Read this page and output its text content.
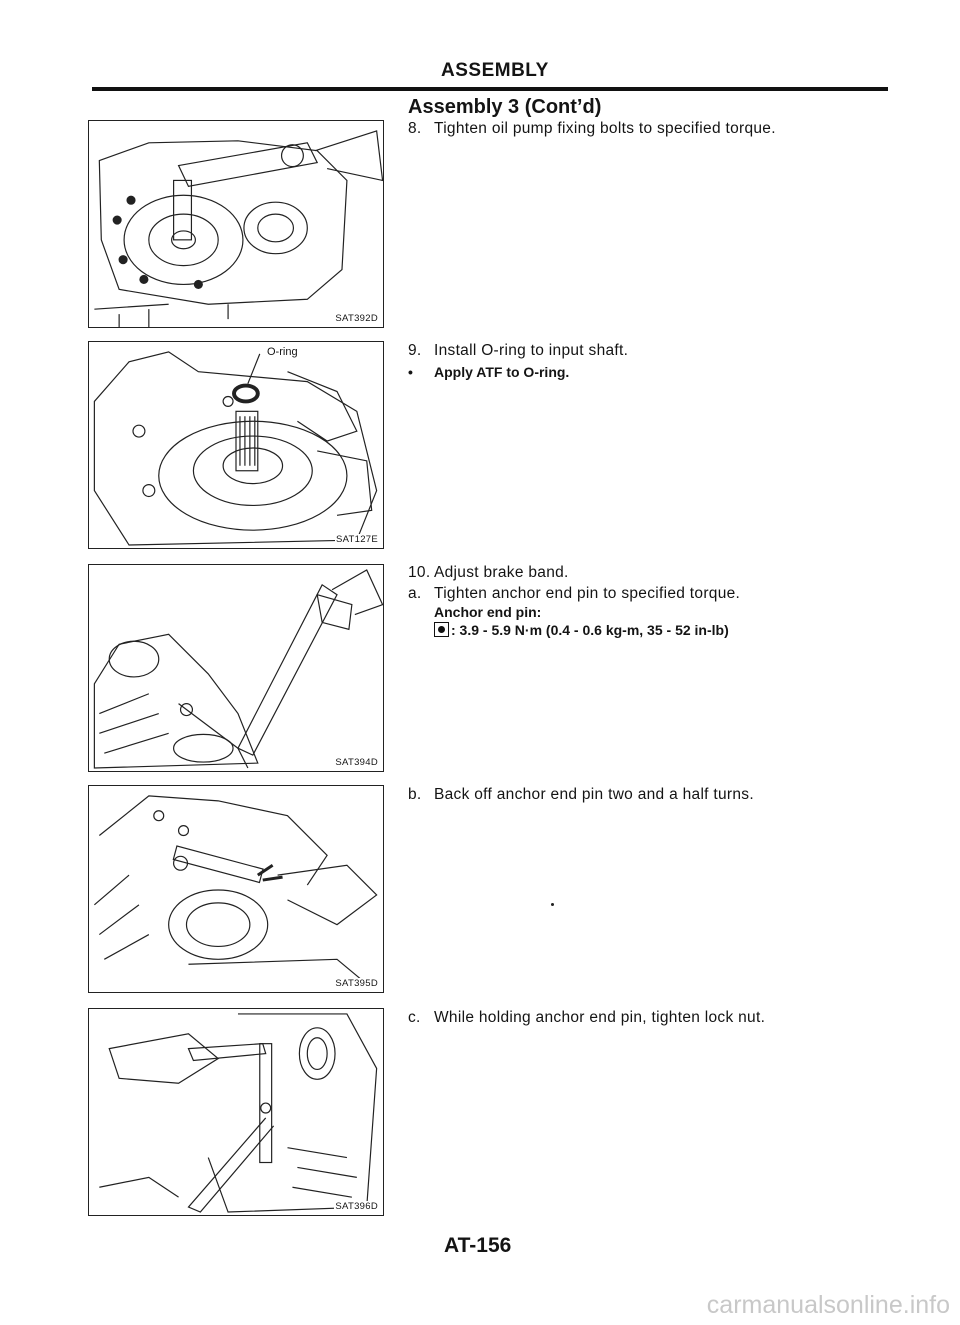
ASSEMBLY
Assembly 3 (Cont’d)
SAT392D
O-ring
SAT127E
SAT394D
SAT395D
SAT396D
8. Tighten oil pump fixing bolts to specified torque.
9. Install O-ring to input shaft.
• Apply ATF to O-ring.
10. Adjust brake band.
a. Tighten anchor end pin to specified torque.
Anchor end pin:
: 3.9 - 5.9 N·m (0.4 - 0.6 kg-m, 35 - 52 in-lb)
b. Back off anchor end pin two and a half turns.
c. While holding anchor end pin, tighten lock nut.
AT-156
carmanualsonline.info
